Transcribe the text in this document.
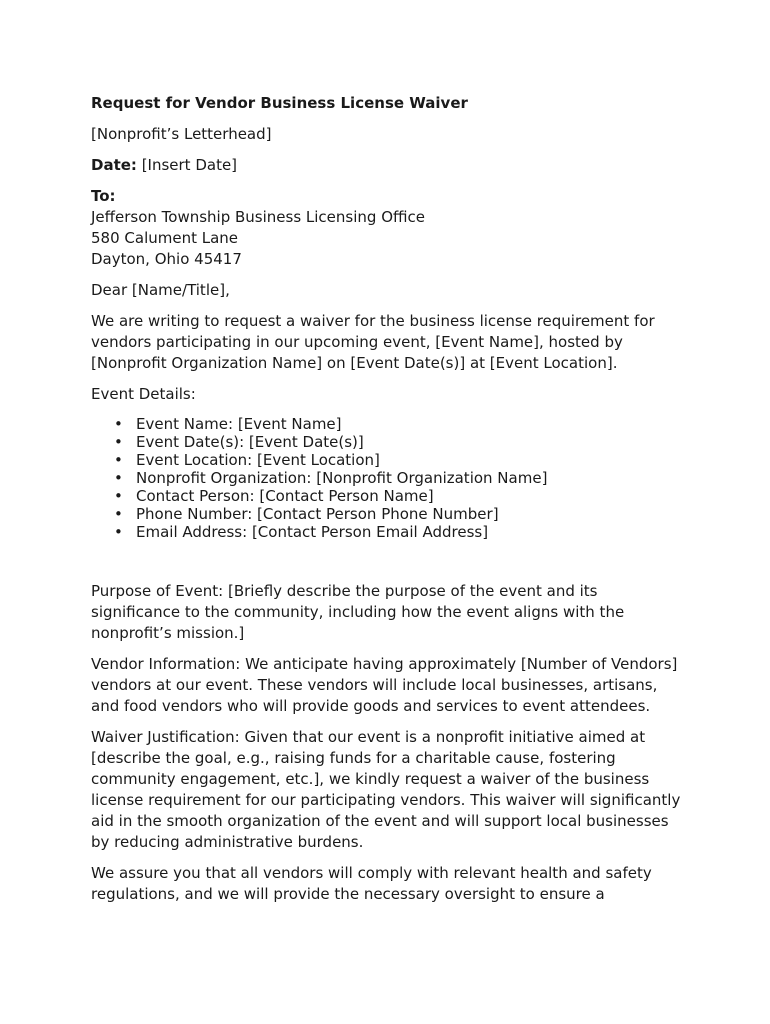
Request for Vendor Business License Waiver

[Nonprofit’s Letterhead]

Date: [Insert Date]

To:
Jefferson Township Business Licensing Office
580 Calument Lane
Dayton, Ohio 45417

Dear [Name/Title],

We are writing to request a waiver for the business license requirement for vendors participating in our upcoming event, [Event Name], hosted by [Nonprofit Organization Name] on [Event Date(s)] at [Event Location].

Event Details:

• Event Name: [Event Name]
• Event Date(s): [Event Date(s)]
• Event Location: [Event Location]
• Nonprofit Organization: [Nonprofit Organization Name]
• Contact Person: [Contact Person Name]
• Phone Number: [Contact Person Phone Number]
• Email Address: [Contact Person Email Address]

Purpose of Event: [Briefly describe the purpose of the event and its significance to the community, including how the event aligns with the nonprofit’s mission.]

Vendor Information: We anticipate having approximately [Number of Vendors] vendors at our event. These vendors will include local businesses, artisans, and food vendors who will provide goods and services to event attendees.

Waiver Justification: Given that our event is a nonprofit initiative aimed at [describe the goal, e.g., raising funds for a charitable cause, fostering community engagement, etc.], we kindly request a waiver of the business license requirement for our participating vendors. This waiver will significantly aid in the smooth organization of the event and will support local businesses by reducing administrative burdens.

We assure you that all vendors will comply with relevant health and safety regulations, and we will provide the necessary oversight to ensure a
